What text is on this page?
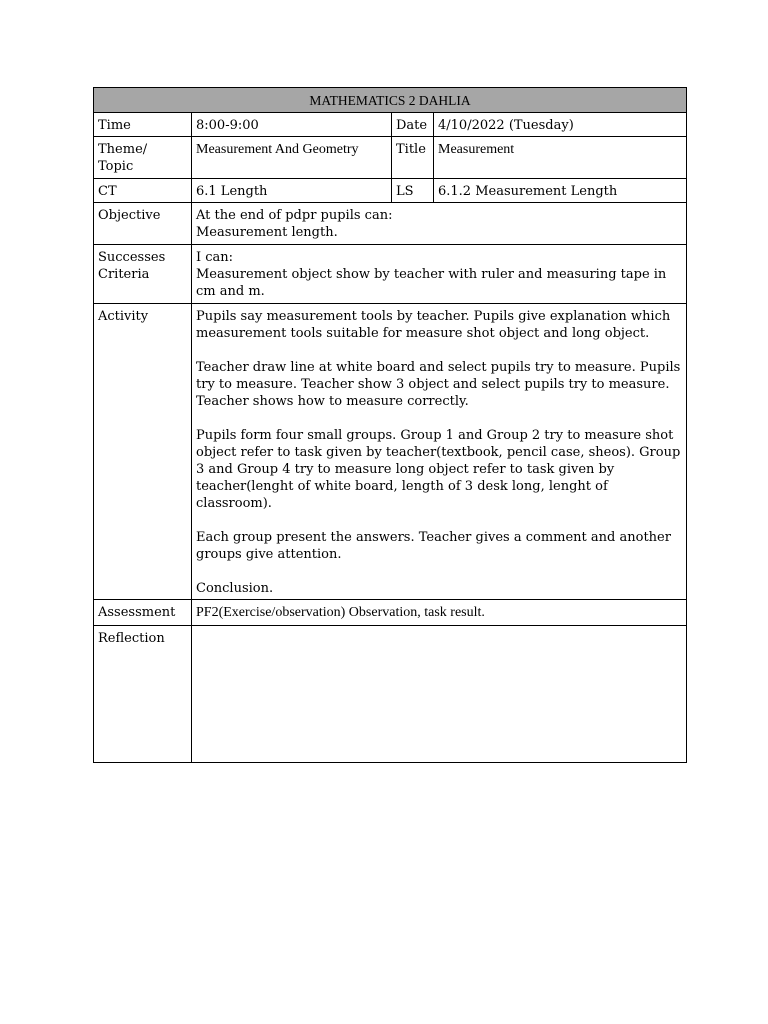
MATHEMATICS 2 DAHLIA			
Time	8:00-9:00	Date	4/10/2022 (Tuesday)

Theme/
Topic	Measurement And Geometry	Title	Measurement
CT	6.1 Length	LS	6.1.2 Measurement Length
Objective	At the end of pdpr pupils can:
Measurement length.		

Successes
Criteria	I can:
Measurement object show by teacher with ruler and measuring tape in cm and m.		

Activity	Pupils say measurement tools by teacher. Pupils give explanation which measurement tools suitable for measure shot object and long object.
Teacher draw line at white board and select pupils try to measure. Pupils try to measure. Teacher show 3 object and select pupils try to measure. Teacher shows how to measure correctly.
Pupils form four small groups. Group 1 and Group 2 try to measure shot object refer to task given by teacher(textbook, pencil case, sheos). Group 3 and Group 4 try to measure long object refer to task given by teacher(lenght of white board, length of 3 desk long, lenght of classroom).
Each group present the answers. Teacher gives a comment and another groups give attention.
Conclusion.		

Assessment	PF2(Exercise/observation) Observation, task result.		
Reflection			
